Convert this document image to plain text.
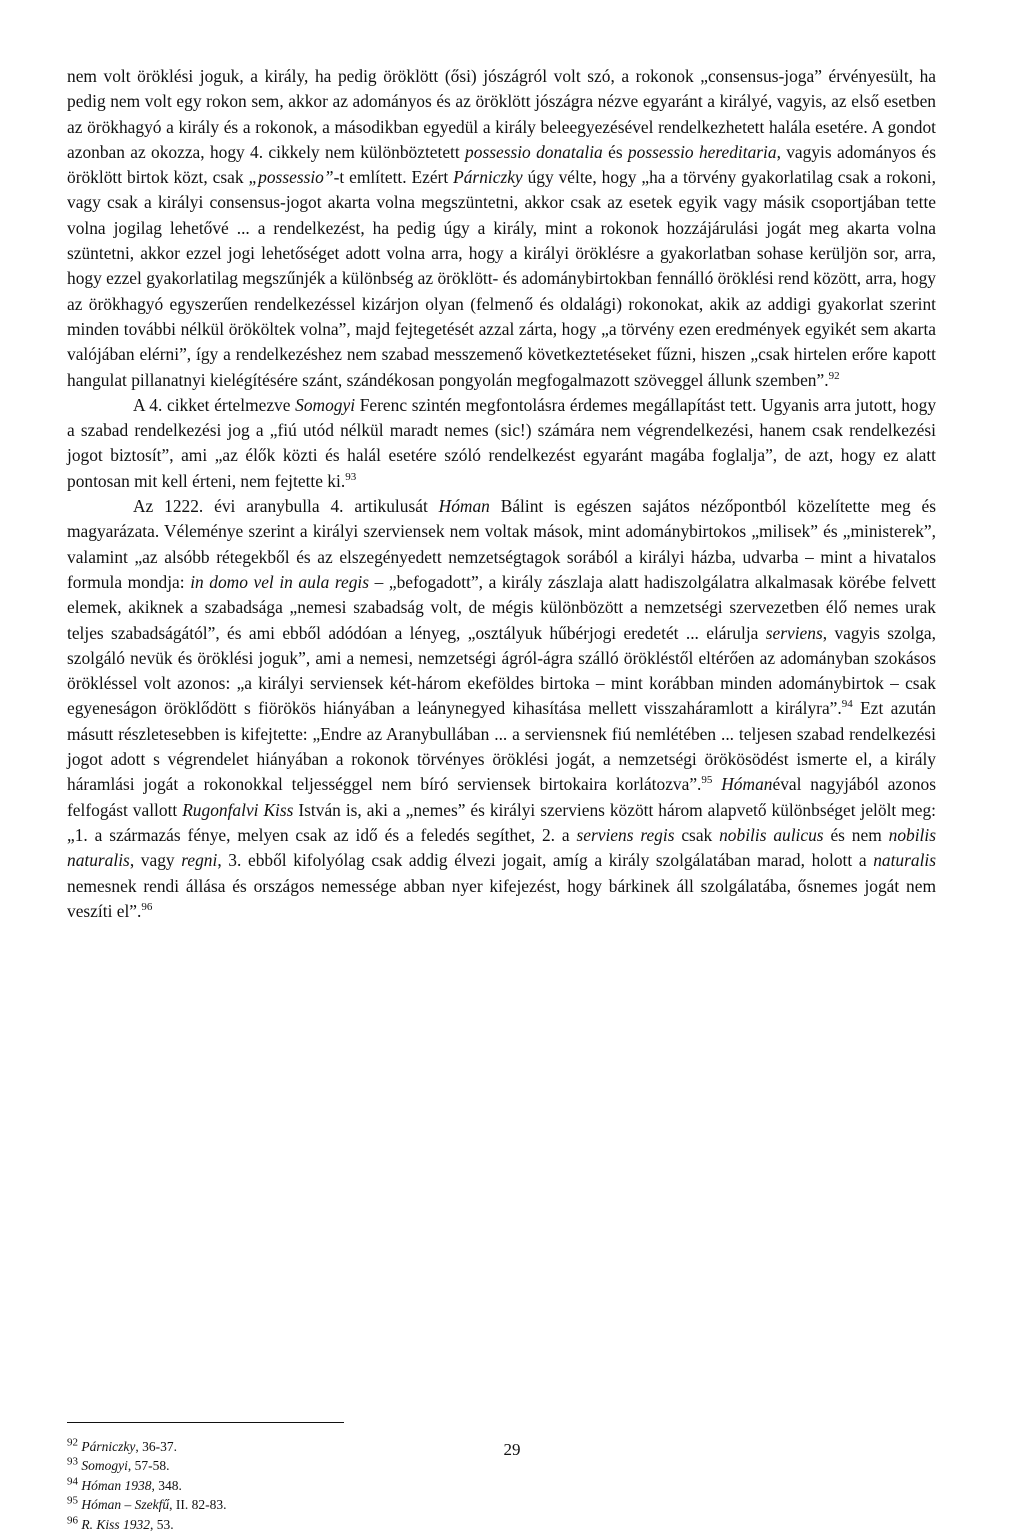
nem volt öröklési joguk, a király, ha pedig öröklött (ősi) jószágról volt szó, a rokonok „consensus-joga” érvényesült, ha pedig nem volt egy rokon sem, akkor az adományos és az öröklött jószágra nézve egyaránt a királyé, vagyis, az első esetben az örökhagyó a király és a rokonok, a másodikban egyedül a király beleegyezésével rendelkezhetett halála esetére. A gondot azonban az okozza, hogy 4. cikkely nem különböztetett possessio donatalia és possessio hereditaria, vagyis adományos és öröklött birtok közt, csak „possessio”-t említett. Ezért Párniczky úgy vélte, hogy „ha a törvény gyakorlatilag csak a rokoni, vagy csak a királyi consensus-jogot akarta volna megszüntetni, akkor csak az esetek egyik vagy másik csoportjában tette volna jogilag lehetővé ... a rendelkezést, ha pedig úgy a király, mint a rokonok hozzájárulási jogát meg akarta volna szüntetni, akkor ezzel jogi lehetőséget adott volna arra, hogy a királyi öröklésre a gyakorlatban sohase kerüljön sor, arra, hogy ezzel gyakorlatilag megszűnjék a különbség az öröklött- és adománybirtokban fennálló öröklési rend között, arra, hogy az örökhagyó egyszerűen rendelkezéssel kizárjon olyan (felmenő és oldalági) rokonokat, akik az addigi gyakorlat szerint minden további nélkül örököltek volna”, majd fejtegetését azzal zárta, hogy „a törvény ezen eredmények egyikét sem akarta valójában elérni”, így a rendelkezéshez nem szabad messzemenő következtetéseket fűzni, hiszen „csak hirtelen erőre kapott hangulat pillanatnyi kielégítésére szánt, szándékosan pongyolán megfogalmazott szöveggel állunk szemben”.$^{92}$

A 4. cikket értelmezve Somogyi Ferenc szintén megfontolásra érdemes megállapítást tett. Ugyanis arra jutott, hogy a szabad rendelkezési jog a „fiú utód nélkül maradt nemes (sic!) számára nem végrendelkezési, hanem csak rendelkezési jogot biztosít”, ami „az élők közti és halál esetére szóló rendelkezést egyaránt magába foglalja”, de azt, hogy ez alatt pontosan mit kell érteni, nem fejtette ki.$^{93}$

Az 1222. évi aranybulla 4. artikulusát Hóman Bálint is egészen sajátos nézőpontból közelítette meg és magyarázata. Véleménye szerint a királyi szerviensek nem voltak mások, mint adománybirtokos „milisek” és „ministerek”, valamint „az alsóbb rétegekből és az elszegényedett nemzetségtagok sorából a királyi házba, udvarba – mint a hivatalos formula mondja: in domo vel in aula regis – „befogadott”, a király zászlaja alatt hadiszolgálatra alkalmasak körébe felvett elemek, akiknek a szabadsága „nemesi szabadság volt, de mégis különbözött a nemzetségi szervezetben élő nemes urak teljes szabadságától”, és ami ebből adódóan a lényeg, „osztályuk hűbérjogi eredetét ... elárulja serviens, vagyis szolga, szolgáló nevük és öröklési joguk”, ami a nemesi, nemzetségi ágról-ágra szálló örökléstől eltérően az adományban szokásos örökléssel volt azonos: „a királyi serviensek két-három ekeföldes birtoka – mint korábban minden adománybirtok – csak egyeneságon öröklődött s fiörökös hiányában a leánynegyed kihasítása mellett visszaháramlott a királyra”.$^{94}$ Ezt azután másutt részletesebben is kifejtette: „Endre az Aranybullában ... a serviensnek fiú nemlétében ... teljesen szabad rendelkezési jogot adott s végrendelet hiányában a rokonok törvényes öröklési jogát, a nemzetségi örökösödést ismerte el, a király háramlási jogát a rokonokkal teljességgel nem bíró serviensek birtokaira korlátozva”.$^{95}$ Hómanéval nagyjából azonos felfogást vallott Rugonfalvi Kiss István is, aki a „nemes” és királyi szerviens között három alapvető különbséget jelölt meg: „1. a származás fénye, melyen csak az idő és a feledés segíthet, 2. a serviens regis csak nobilis aulicus és nem nobilis naturalis, vagy regni, 3. ebből kifolyólag csak addig élvezi jogait, amíg a király szolgálatában marad, holott a naturalis nemesnek rendi állása és országos nemessége abban nyer kifejezést, hogy bárkinek áll szolgálatába, ősnemes jogát nem veszíti el”.$^{96}$

$^{92}$ Párniczky, 36-37.

$^{93}$ Somogyi, 57-58.

$^{94}$ Hóman 1938, 348.

$^{95}$ Hóman – Szekfű, II. 82-83.

$^{96}$ R. Kiss 1932, 53.

29
